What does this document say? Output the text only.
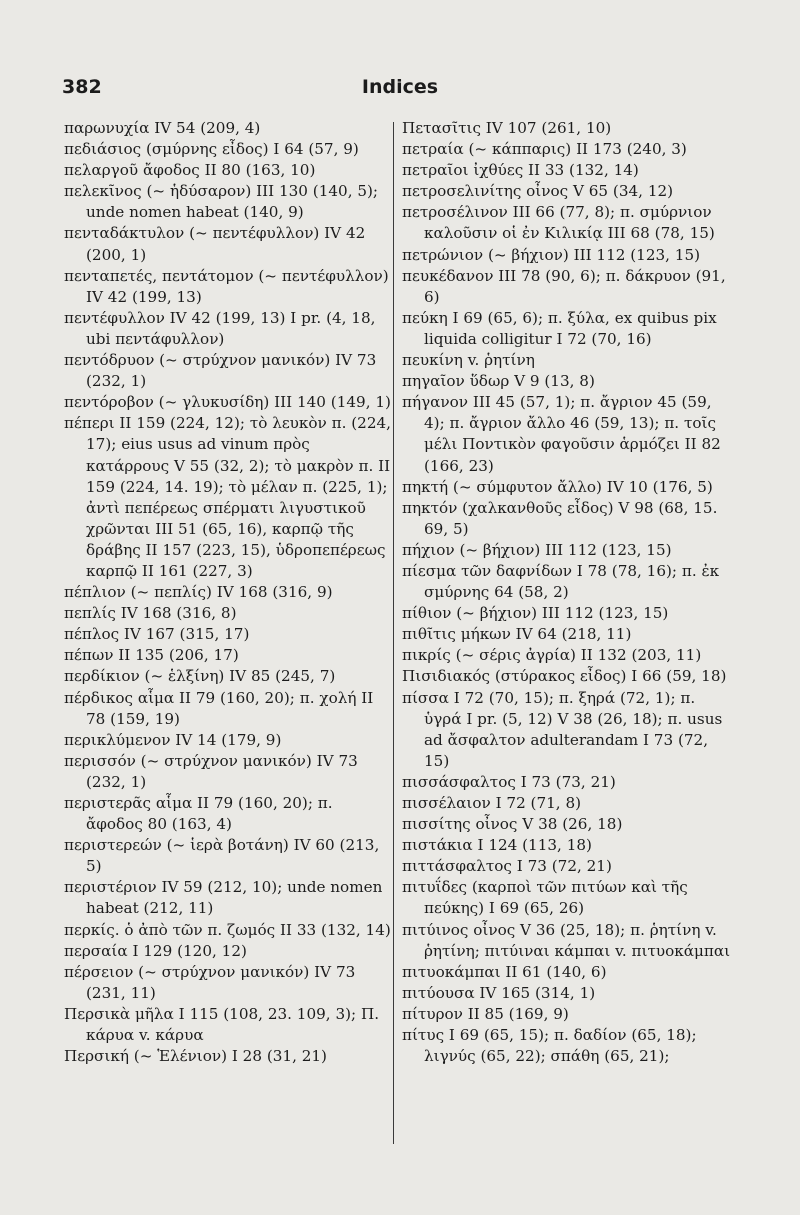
382	Indices
παρωνυχία IV 54 (209, 4)
πεδιάσιος (σμύρνης εἶδος) I 64 (57, 9)
πελαργοῦ ἄφοδος II 80 (163, 10)
πελεκῖνος (~ ἡδύσαρον) III 130 (140, 5); unde nomen habeat (140, 9)
πενταδάκτυλον (~ πεντέφυλλον) IV 42 (200, 1)
πενταπετές, πεντάτομον (~ πεντέφυλλον) IV 42 (199, 13)
πεντέφυλλον IV 42 (199, 13) I pr. (4, 18, ubi πεντάφυλλον)
πεντόδρυον (~ στρύχνον μανικόν) IV 73 (232, 1)
πεντόροβον (~ γλυκυσίδη) III 140 (149, 1)
πέπερι II 159 (224, 12); τὸ λευκὸν π. (224, 17); eius usus ad vinum πρὸς κατάρρους V 55 (32, 2); τὸ μακρὸν π. II 159 (224, 14. 19); τὸ μέλαν π. (225, 1); ἀντὶ πεπέρεως σπέρματι λιγυστικοῦ χρῶνται III 51 (65, 16), καρπῷ τῆς δράβης II 157 (223, 15), ὑδροπεπέρεως καρπῷ II 161 (227, 3)
πέπλιον (~ πεπλίς) IV 168 (316, 9)
πεπλίς IV 168 (316, 8)
πέπλος IV 167 (315, 17)
πέπων II 135 (206, 17)
περδίκιον (~ ἑλξίνη) IV 85 (245, 7)
πέρδικος αἷμα II 79 (160, 20); π. χολή II 78 (159, 19)
περικλύμενον IV 14 (179, 9)
περισσόν (~ στρύχνον μανικόν) IV 73 (232, 1)
περιστερᾶς αἷμα II 79 (160, 20); π. ἄφοδος 80 (163, 4)
περιστερεών (~ ἱερὰ βοτάνη) IV 60 (213, 5)
περιστέριον IV 59 (212, 10); unde nomen habeat (212, 11)
περκίς. ὁ ἀπὸ τῶν π. ζωμός II 33 (132, 14)
περσαία I 129 (120, 12)
πέρσειον (~ στρύχνον μανικόν) IV 73 (231, 11)
Περσικὰ μῆλα I 115 (108, 23. 109, 3); Π. κάρυα v. κάρυα
Περσική (~ Ἑλένιον) I 28 (31, 21)
Πετασῖτις IV 107 (261, 10)
πετραία (~ κάππαρις) II 173 (240, 3)
πετραῖοι ἰχθύες II 33 (132, 14)
πετροσελινίτης οἶνος V 65 (34, 12)
πετροσέλινον III 66 (77, 8); π. σμύρνιον καλοῦσιν οἱ ἐν Κιλικίᾳ III 68 (78, 15)
πετρώνιον (~ βήχιον) III 112 (123, 15)
πευκέδανον III 78 (90, 6); π. δάκρυον (91, 6)
πεύκη I 69 (65, 6); π. ξύλα, ex quibus pix liquida colligitur I 72 (70, 16)
πευκίνη v. ῥητίνη
πηγαῖον ὕδωρ V 9 (13, 8)
πήγανον III 45 (57, 1); π. ἄγριον 45 (59, 4); π. ἄγριον ἄλλο 46 (59, 13); π. τοῖς μέλι Ποντικὸν φαγοῦσιν ἁρμόζει II 82 (166, 23)
πηκτή (~ σύμφυτον ἄλλο) IV 10 (176, 5)
πηκτόν (χαλκανθοῦς εἶδος) V 98 (68, 15. 69, 5)
πήχιον (~ βήχιον) III 112 (123, 15)
πίεσμα τῶν δαφνίδων I 78 (78, 16); π. ἐκ σμύρνης 64 (58, 2)
πίθιον (~ βήχιον) III 112 (123, 15)
πιθῖτις μήκων IV 64 (218, 11)
πικρίς (~ σέρις ἀγρία) II 132 (203, 11)
Πισιδιακός (στύρακος εἶδος) I 66 (59, 18)
πίσσα I 72 (70, 15); π. ξηρά (72, 1); π. ὑγρά I pr. (5, 12) V 38 (26, 18); π. usus ad ἄσφαλτον adulterandam I 73 (72, 15)
πισσάσφαλτος I 73 (73, 21)
πισσέλαιον I 72 (71, 8)
πισσίτης οἶνος V 38 (26, 18)
πιστάκια I 124 (113, 18)
πιττάσφαλτος I 73 (72, 21)
πιτυΐδες (καρποὶ τῶν πιτύων καὶ τῆς πεύκης) I 69 (65, 26)
πιτύινος οἶνος V 36 (25, 18); π. ῥητίνη v. ῥητίνη; πιτύιναι κάμπαι v. πιτυοκάμπαι
πιτυοκάμπαι II 61 (140, 6)
πιτύουσα IV 165 (314, 1)
πίτυρον II 85 (169, 9)
πίτυς I 69 (65, 15); π. δαδίον (65, 18); λιγνύς (65, 22); σπάθη (65, 21);
